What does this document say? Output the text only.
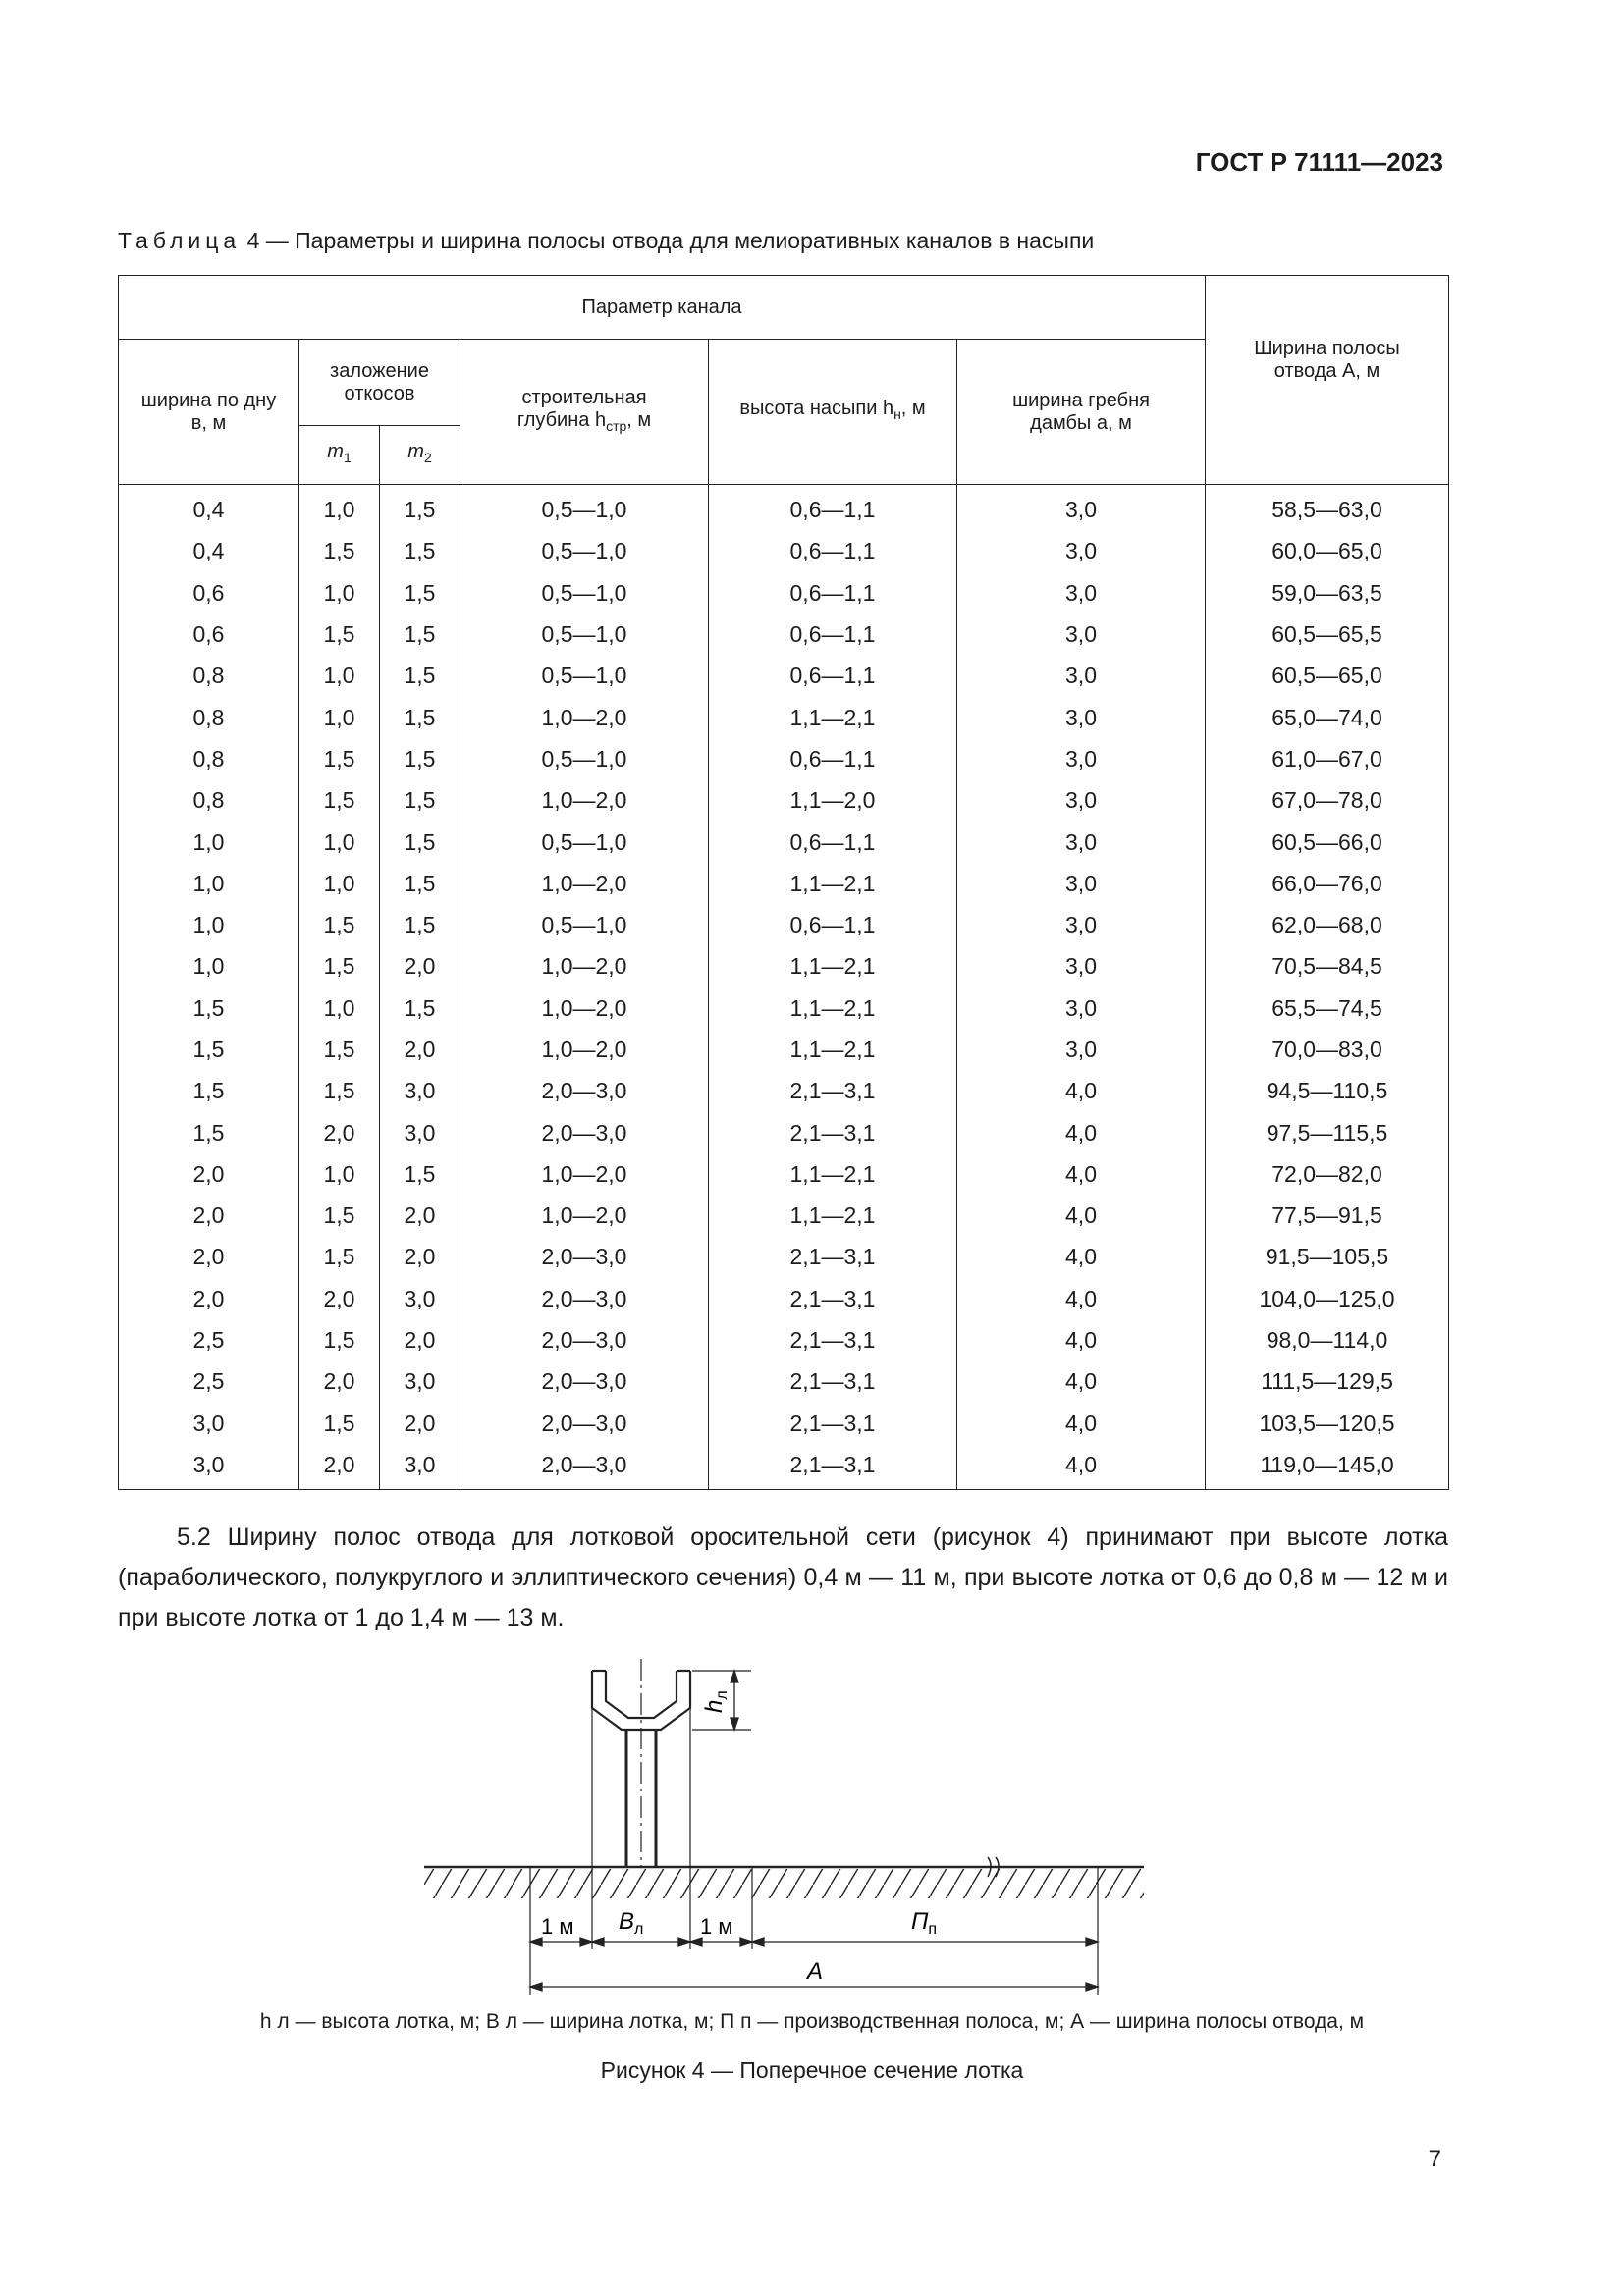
ГОСТ Р 71111—2023
Таблица 4 — Параметры и ширина полосы отвода для мелиоративных каналов в насыпи
Параметр канала						Ширина полосы отвода A, м

ширина по дну в, м	заложение откосов		строительная глубина $h_{стр}$, м	высота насыпи $h_н$, м	ширина гребня дамбы a, м	

	$m_1$	$m_2$
0,4	1,0	1,5	0,5—1,0	0,6—1,1	3,0	58,5—63,0
0,4	1,5	1,5	0,5—1,0	0,6—1,1	3,0	60,0—65,0
0,6	1,0	1,5	0,5—1,0	0,6—1,1	3,0	59,0—63,5
0,6	1,5	1,5	0,5—1,0	0,6—1,1	3,0	60,5—65,5
0,8	1,0	1,5	0,5—1,0	0,6—1,1	3,0	60,5—65,0
0,8	1,0	1,5	1,0—2,0	1,1—2,1	3,0	65,0—74,0
0,8	1,5	1,5	0,5—1,0	0,6—1,1	3,0	61,0—67,0
0,8	1,5	1,5	1,0—2,0	1,1—2,0	3,0	67,0—78,0
1,0	1,0	1,5	0,5—1,0	0,6—1,1	3,0	60,5—66,0
1,0	1,0	1,5	1,0—2,0	1,1—2,1	3,0	66,0—76,0
1,0	1,5	1,5	0,5—1,0	0,6—1,1	3,0	62,0—68,0
1,0	1,5	2,0	1,0—2,0	1,1—2,1	3,0	70,5—84,5
1,5	1,0	1,5	1,0—2,0	1,1—2,1	3,0	65,5—74,5
1,5	1,5	2,0	1,0—2,0	1,1—2,1	3,0	70,0—83,0
1,5	1,5	3,0	2,0—3,0	2,1—3,1	4,0	94,5—110,5
1,5	2,0	3,0	2,0—3,0	2,1—3,1	4,0	97,5—115,5
2,0	1,0	1,5	1,0—2,0	1,1—2,1	4,0	72,0—82,0
2,0	1,5	2,0	1,0—2,0	1,1—2,1	4,0	77,5—91,5
2,0	1,5	2,0	2,0—3,0	2,1—3,1	4,0	91,5—105,5
2,0	2,0	3,0	2,0—3,0	2,1—3,1	4,0	104,0—125,0
2,5	1,5	2,0	2,0—3,0	2,1—3,1	4,0	98,0—114,0
2,5	2,0	3,0	2,0—3,0	2,1—3,1	4,0	111,5—129,5
3,0	1,5	2,0	2,0—3,0	2,1—3,1	4,0	103,5—120,5
3,0	2,0	3,0	2,0—3,0	2,1—3,1	4,0	119,0—145,0
5.2 Ширину полос отвода для лотковой оросительной сети (рисунок 4) принимают при высоте лотка (параболического, полукруглого и эллиптического сечения) 0,4 м — 11 м, при высоте лотка от 0,6 до 0,8 м — 12 м и при высоте лотка от 1 до 1,4 м — 13 м.
$h_л$
1 м $В_л$	1 м	$П_п$
А
h л — высота лотка, м; В л — ширина лотка, м; П п — производственная полоса, м; А — ширина полосы отвода, м
Рисунок 4 — Поперечное сечение лотка
7
